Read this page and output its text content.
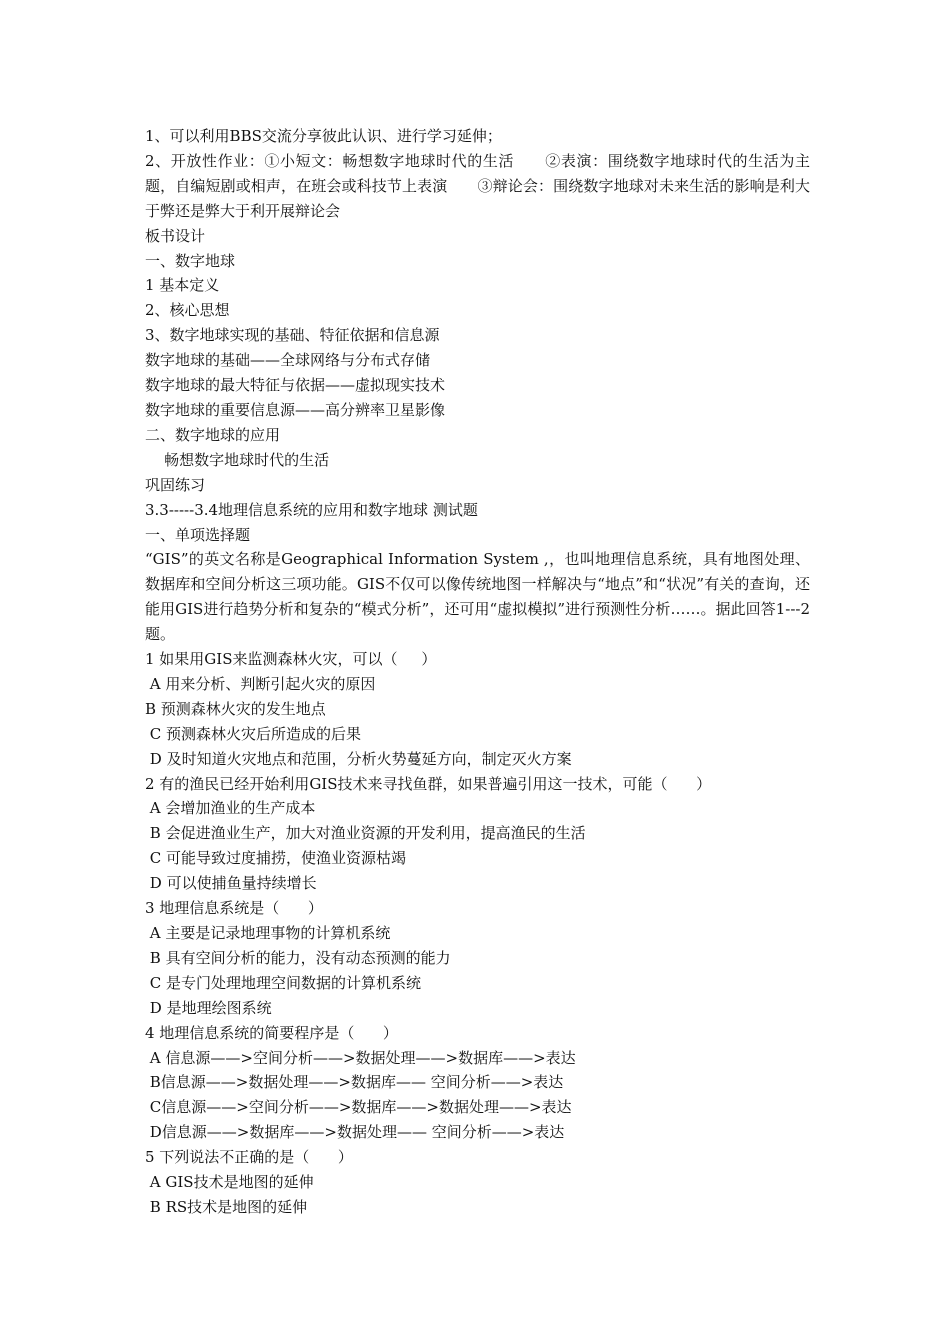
1、可以利用BBS交流分享彼此认识、进行学习延伸；

2、开放性作业：①小短文：畅想数字地球时代的生活　　②表演：围绕数字地球时代的生活为主题，自编短剧或相声，在班会或科技节上表演　　③辩论会：围绕数字地球对未来生活的影响是利大于弊还是弊大于利开展辩论会

板书设计
一、数字地球
1 基本定义
2、核心思想
3、数字地球实现的基础、特征依据和信息源
数字地球的基础——全球网络与分布式存储
数字地球的最大特征与依据——虚拟现实技术
数字地球的重要信息源——高分辨率卫星影像
二、数字地球的应用
畅想数字地球时代的生活
巩固练习
3.3-----3.4地理信息系统的应用和数字地球 测试题
一、单项选择题

“GIS”的英文名称是Geographical Information System ,，也叫地理信息系统，具有地图处理、数据库和空间分析这三项功能。GIS不仅可以像传统地图一样解决与“地点”和“状况”有关的查询，还能用GIS进行趋势分析和复杂的“模式分析”，还可用“虚拟模拟”进行预测性分析……。据此回答1---2题。

1 如果用GIS来监测森林火灾，可以（     ）
A 用来分析、判断引起火灾的原因
B 预测森林火灾的发生地点
C 预测森林火灾后所造成的后果
D 及时知道火灾地点和范围，分析火势蔓延方向，制定灭火方案
2 有的渔民已经开始利用GIS技术来寻找鱼群，如果普遍引用这一技术，可能（      ）
A 会增加渔业的生产成本
B 会促进渔业生产，加大对渔业资源的开发利用，提高渔民的生活
C 可能导致过度捕捞，使渔业资源枯竭
D 可以使捕鱼量持续增长
3 地理信息系统是（      ）
A 主要是记录地理事物的计算机系统
B 具有空间分析的能力，没有动态预测的能力
C 是专门处理地理空间数据的计算机系统
D 是地理绘图系统
4 地理信息系统的简要程序是（      ）
A 信息源——>空间分析——>数据处理——>数据库——>表达
B信息源——>数据处理——>数据库—— 空间分析——>表达
C信息源——>空间分析——>数据库——>数据处理——>表达
D信息源——>数据库——>数据处理—— 空间分析——>表达
5 下列说法不正确的是（      ）
A GIS技术是地图的延伸
B RS技术是地图的延伸
